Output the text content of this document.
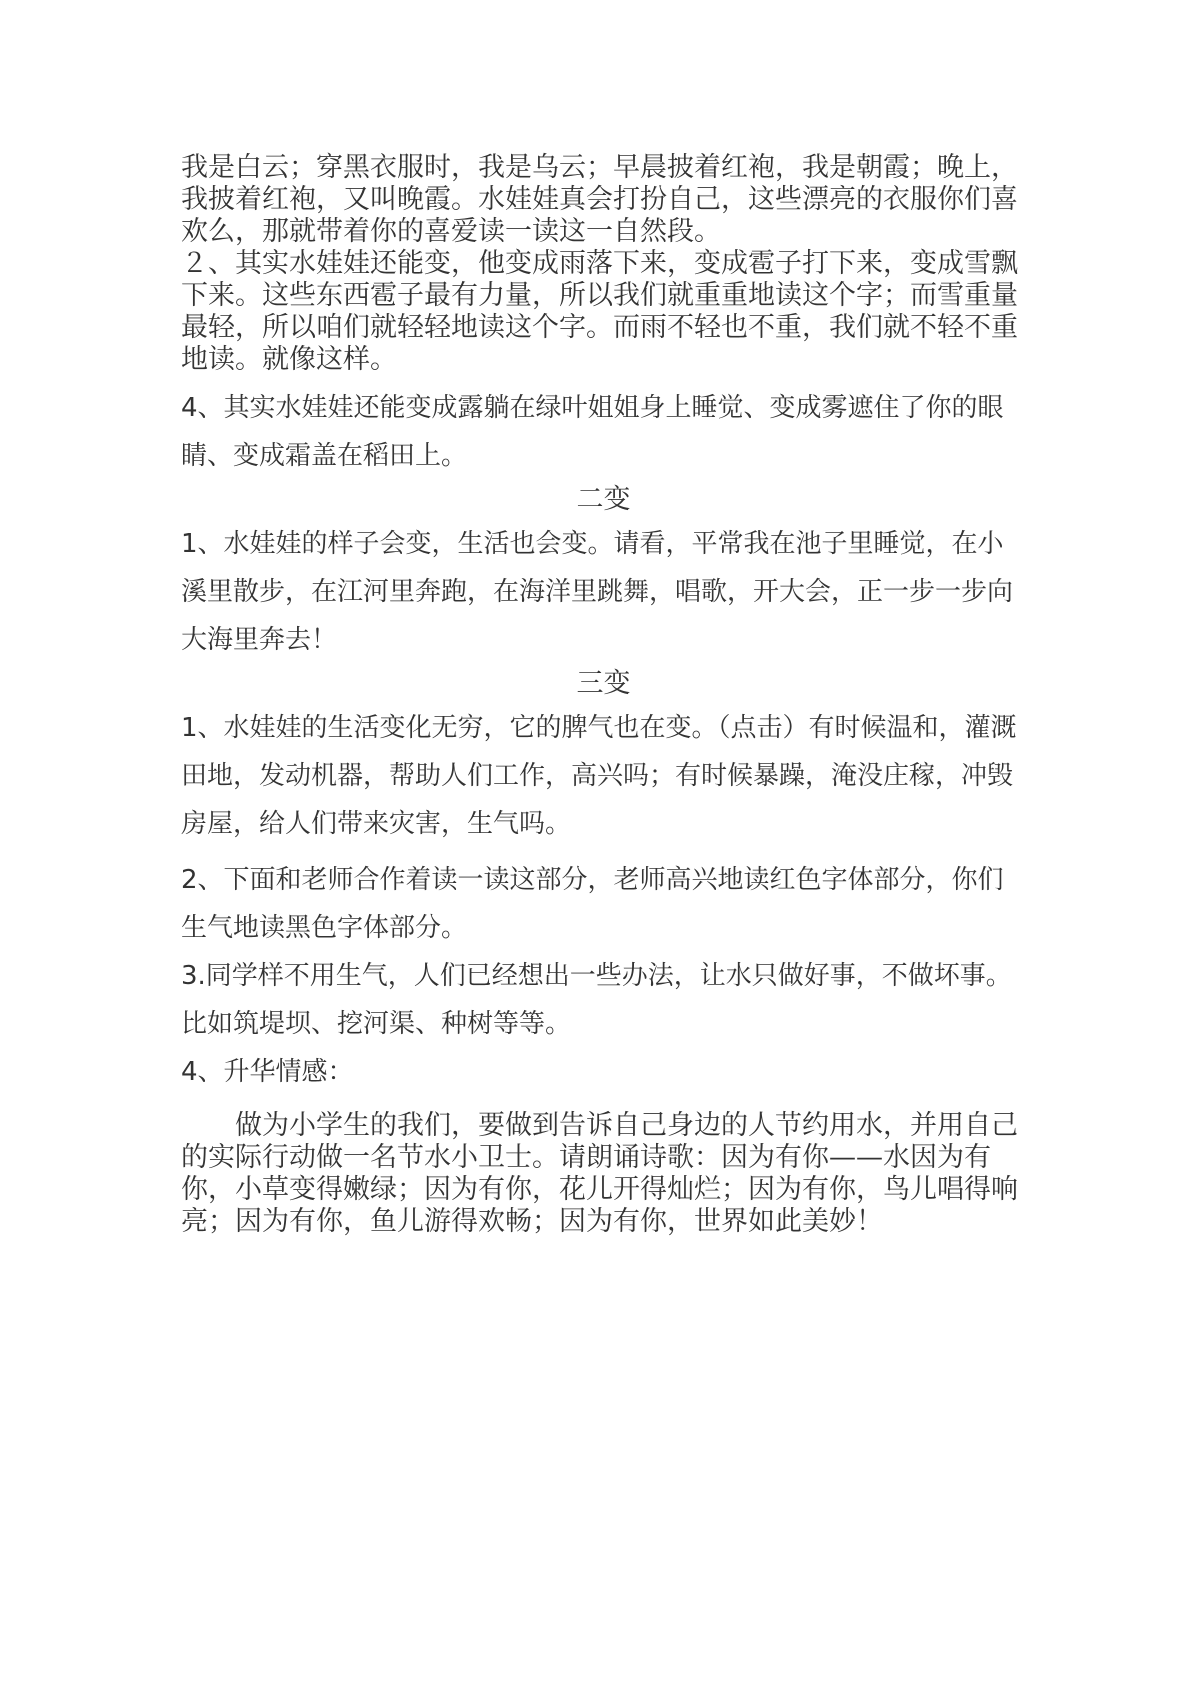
我是白云；穿黑衣服时，我是乌云；早晨披着红袍，我是朝霞；晚上，我披着红袍，又叫晚霞。水娃娃真会打扮自己，这些漂亮的衣服你们喜欢么，那就带着你的喜爱读一读这一自然段。

２、其实水娃娃还能变，他变成雨落下来，变成雹子打下来，变成雪飘下来。这些东西雹子最有力量，所以我们就重重地读这个字；而雪重量最轻，所以咱们就轻轻地读这个字。而雨不轻也不重，我们就不轻不重地读。就像这样。

4、其实水娃娃还能变成露躺在绿叶姐姐身上睡觉、变成雾遮住了你的眼睛、变成霜盖在稻田上。

二变

1、水娃娃的样子会变，生活也会变。请看，平常我在池子里睡觉，在小溪里散步，在江河里奔跑，在海洋里跳舞，唱歌，开大会，正一步一步向大海里奔去！

三变

1、水娃娃的生活变化无穷，它的脾气也在变。（点击）有时候温和，灌溉田地，发动机器，帮助人们工作，高兴吗；有时候暴躁，淹没庄稼，冲毁房屋，给人们带来灾害，生气吗。

2、下面和老师合作着读一读这部分，老师高兴地读红色字体部分，你们生气地读黑色字体部分。

3.同学样不用生气，人们已经想出一些办法，让水只做好事，不做坏事。比如筑堤坝、挖河渠、种树等等。

4、升华情感：

做为小学生的我们，要做到告诉自己身边的人节约用水，并用自己的实际行动做一名节水小卫士。请朗诵诗歌：因为有你——水因为有你，小草变得嫩绿；因为有你，花儿开得灿烂；因为有你，鸟儿唱得响亮；因为有你，鱼儿游得欢畅；因为有你，世界如此美妙！
